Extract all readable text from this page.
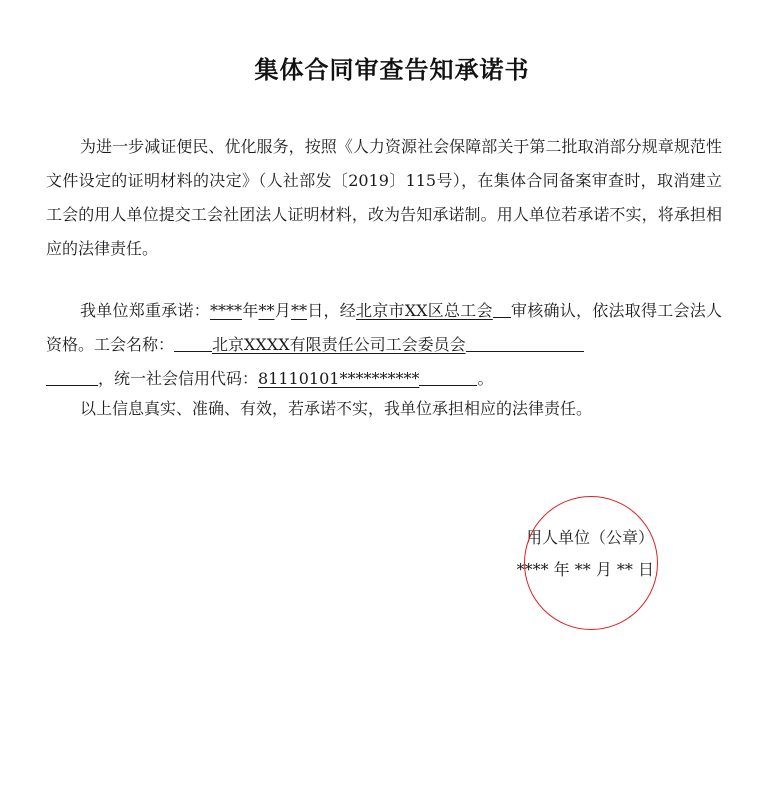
集体合同审查告知承诺书

为进一步减证便民、优化服务，按照《人力资源社会保障部关于第二批取消部分规章规范性文件设定的证明材料的决定》（人社部发〔2019〕115号），在集体合同备案审查时，取消建立工会的用人单位提交工会社团法人证明材料，改为告知承诺制。用人单位若承诺不实，将承担相应的法律责任。

我单位郑重承诺：****年**月**日，经北京市XX区总工会 审核确认，依法取得工会法人资格。工会名称： 北京XXXX有限责任公司工会委员会
，统一社会信用代码：81110101**********	。

以上信息真实、准确、有效，若承诺不实，我单位承担相应的法律责任。

用人单位（公章）
**** 年 ** 月 ** 日
